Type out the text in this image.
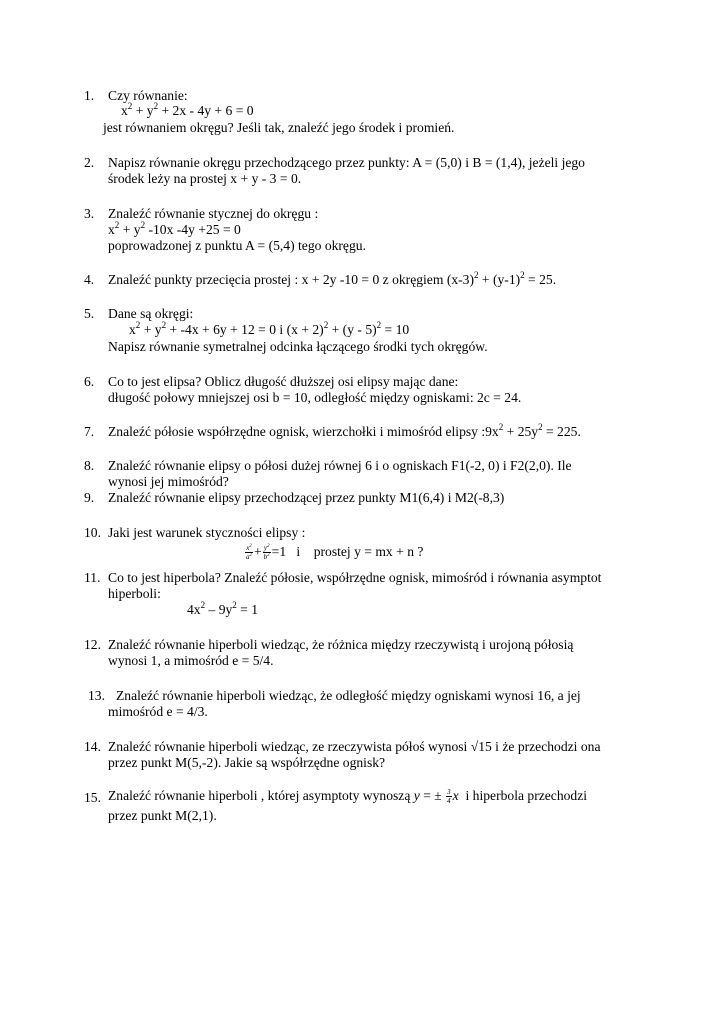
1. Czy równanie:
$x^2 + y^2 + 2x - 4y + 6 = 0$
jest równaniem okręgu? Jeśli tak, znaleźć jego środek i promień.
2. Napisz równanie okręgu przechodzącego przez punkty: A = (5,0) i B = (1,4), jeżeli jego
środek leży na prostej x + y - 3 = 0.
3. Znaleźć równanie stycznej do okręgu :
$x^2 + y^2$ -10x -4y +25 = 0
poprowadzonej z punktu A = (5,4) tego okręgu.
4. Znaleźć punkty przecięcia prostej : x + 2y -10 = 0 z okręgiem $(x-3)^2 + (y-1)^2 = 25$.
5. Dane są okręgi:
$x^2 + y^2 + -4x + 6y + 12 = 0$ i $(x + 2)^2 + (y - 5)^2 = 10$
Napisz równanie symetralnej odcinka łączącego środki tych okręgów.
6. Co to jest elipsa? Oblicz długość dłuższej osi elipsy mając dane:
długość połowy mniejszej osi b = 10, odległość między ogniskami: 2c = 24.
7. Znaleźć półosie współrzędne ognisk, wierzchołki i mimośród elipsy $:9x^2 + 25y^2 = 225$.
8. Znaleźć równanie elipsy o półosi dużej równej 6 i o ogniskach F1(-2, 0) i F2(2,0). Ile
wynosi jej mimośród?
9. Znaleźć równanie elipsy przechodzącej przez punkty M1(6,4) i M2(-8,3)
10. Jaki jest warunek styczności elipsy :
$\frac{x^2}{a^2} + \frac{y^2}{b^2} =1$   i    prostej y = mx + n ?
11. Co to jest hiperbola? Znaleźć półosie, współrzędne ognisk, mimośród i równania asymptot
hiperboli:
$4x^2 - 9y^2 = 1$
12. Znaleźć równanie hiperboli wiedząc, że różnica między rzeczywistą i urojoną półosią
wynosi 1, a mimośród e = 5/4.
13. Znaleźć równanie hiperboli wiedząc, że odległość między ogniskami wynosi 16, a jej
mimośród e = 4/3.
14. Znaleźć równanie hiperboli wiedząc, ze rzeczywista półoś wynosi √15 i że przechodzi ona
przez punkt M(5,-2). Jakie są współrzędne ognisk?
15. Znaleźć równanie hiperboli , której asymptoty wynoszą y = ± $\frac{3}{4}$ x  i hiperbola przechodzi
przez punkt M(2,1).
